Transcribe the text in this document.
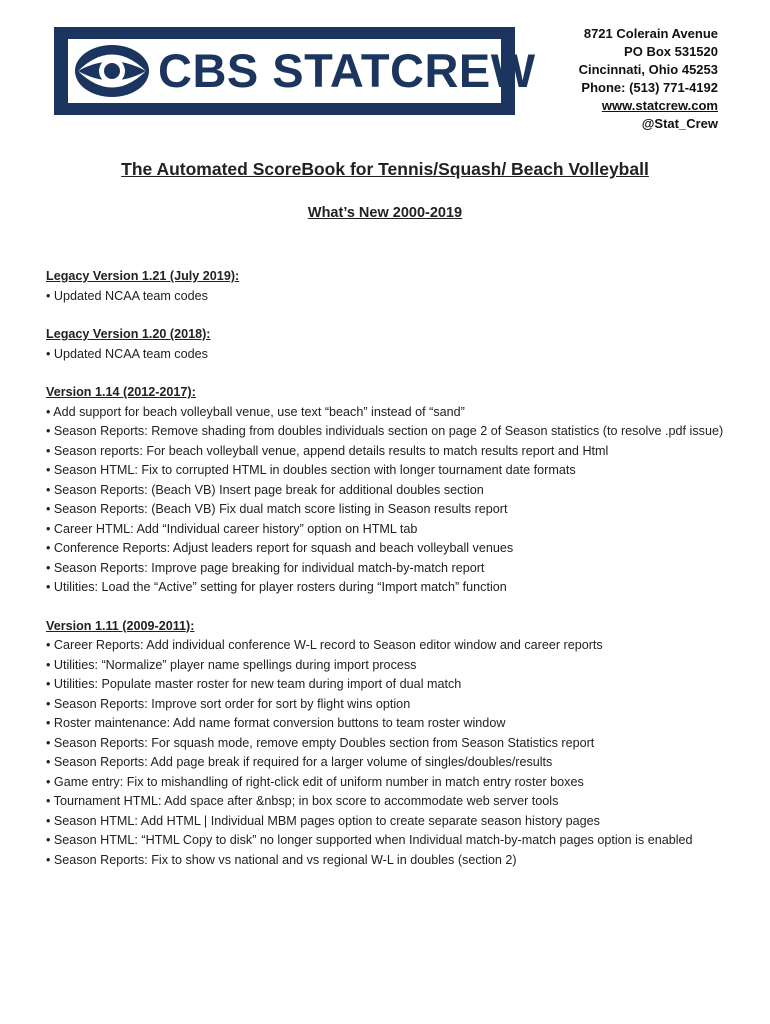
CBS STATCREW
8721 Colerain Avenue
PO Box 531520
Cincinnati, Ohio 45253
Phone: (513) 771-4192
www.statcrew.com
@Stat_Crew
The Automated ScoreBook for Tennis/Squash/ Beach Volleyball
What’s New 2000-2019
Legacy Version 1.21 (July 2019):
• Updated NCAA team codes
Legacy Version 1.20 (2018):
• Updated NCAA team codes
Version 1.14 (2012-2017):
• Add support for beach volleyball venue, use text “beach” instead of “sand”
• Season Reports: Remove shading from doubles individuals section on page 2 of Season statistics (to resolve .pdf issue)
• Season reports: For beach volleyball venue, append details results to match results report and Html
• Season HTML: Fix to corrupted HTML in doubles section with longer tournament date formats
• Season Reports: (Beach VB) Insert page break for additional doubles section
• Season Reports: (Beach VB) Fix dual match score listing in Season results report
• Career HTML: Add “Individual career history” option on HTML tab
• Conference Reports: Adjust leaders report for squash and beach volleyball venues
• Season Reports: Improve page breaking for individual match-by-match report
• Utilities: Load the “Active” setting for player rosters during “Import match” function
Version 1.11 (2009-2011):
• Career Reports: Add individual conference W-L record to Season editor window and career reports
• Utilities: “Normalize” player name spellings during import process
• Utilities: Populate master roster for new team during import of dual match
• Season Reports: Improve sort order for sort by flight wins option
• Roster maintenance: Add name format conversion buttons to team roster window
• Season Reports: For squash mode, remove empty Doubles section from Season Statistics report
• Season Reports: Add page break if required for a larger volume of singles/doubles/results
• Game entry: Fix to mishandling of right-click edit of uniform number in match entry roster boxes
• Tournament HTML: Add space after &nbsp; in box score to accommodate web server tools
• Season HTML: Add HTML | Individual MBM pages option to create separate season history pages
• Season HTML: “HTML Copy to disk” no longer supported when Individual match-by-match pages option is enabled
• Season Reports: Fix to show vs national and vs regional W-L in doubles (section 2)
